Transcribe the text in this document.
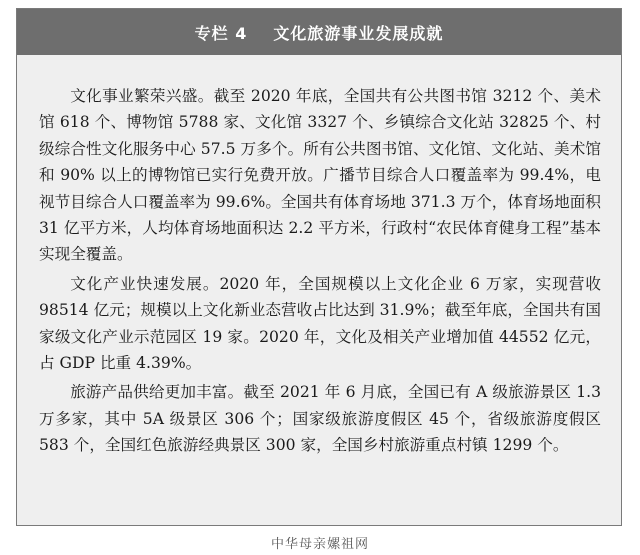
专栏 4 文化旅游事业发展成就

文化事业繁荣兴盛。截至 2020 年底，全国共有公共图书馆 3212 个、美术馆 618 个、博物馆 5788 家、文化馆 3327 个、乡镇综合文化站 32825 个、村级综合性文化服务中心 57.5 万多个。所有公共图书馆、文化馆、文化站、美术馆和 90% 以上的博物馆已实行免费开放。广播节目综合人口覆盖率为 99.4%，电视节目综合人口覆盖率为 99.6%。全国共有体育场地 371.3 万个，体育场地面积 31 亿平方米，人均体育场地面积达 2.2 平方米，行政村“农民体育健身工程”基本实现全覆盖。

文化产业快速发展。2020 年，全国规模以上文化企业 6 万家，实现营收 98514 亿元；规模以上文化新业态营收占比达到 31.9%；截至年底，全国共有国家级文化产业示范园区 19 家。2020 年，文化及相关产业增加值 44552 亿元，占 GDP 比重 4.39%。

旅游产品供给更加丰富。截至 2021 年 6 月底，全国已有 A 级旅游景区 1.3 万多家，其中 5A 级景区 306 个；国家级旅游度假区 45 个，省级旅游度假区 583 个，全国红色旅游经典景区 300 家，全国乡村旅游重点村镇 1299 个。

中华母亲嫘祖网
